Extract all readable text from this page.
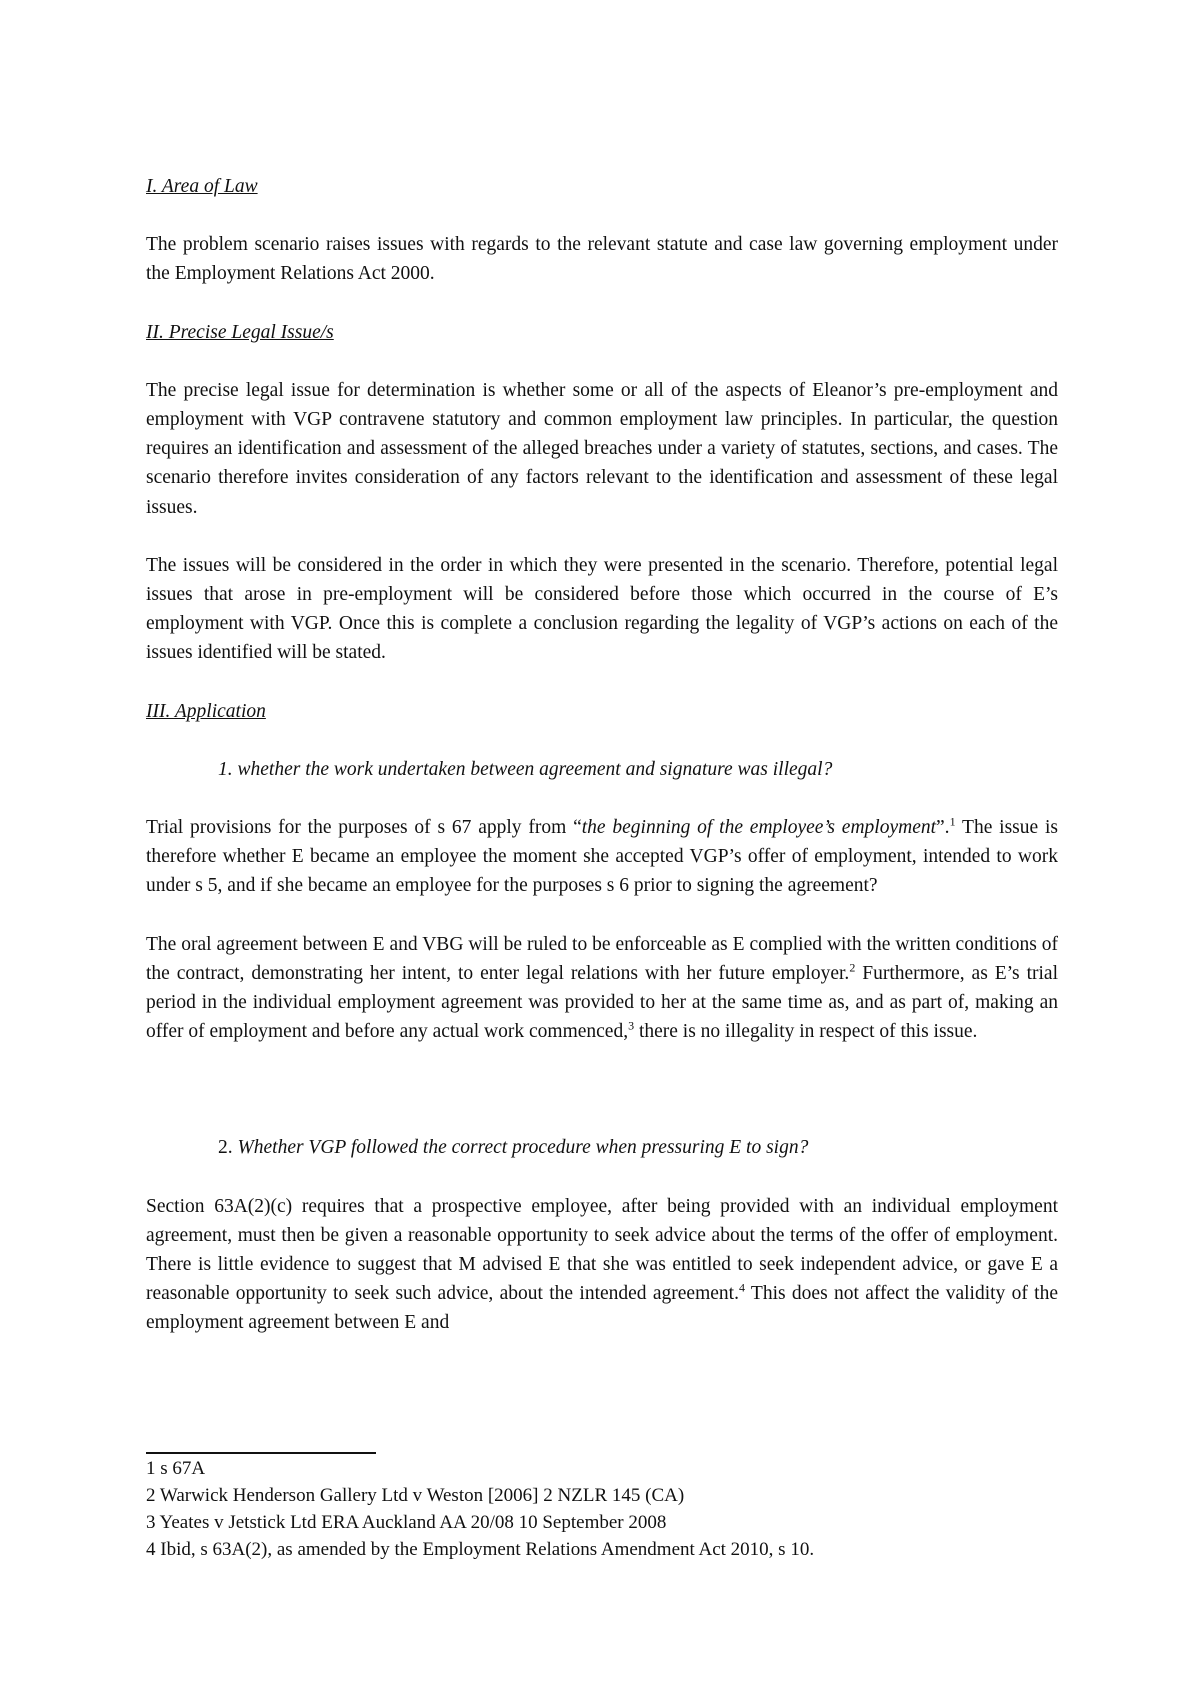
I. Area of Law

The problem scenario raises issues with regards to the relevant statute and case law governing employment under the Employment Relations Act 2000.

II. Precise Legal Issue/s

The precise legal issue for determination is whether some or all of the aspects of Eleanor’s pre-employment and employment with VGP contravene statutory and common employment law principles. In particular, the question requires an identification and assessment of the alleged breaches under a variety of statutes, sections, and cases. The scenario therefore invites consideration of any factors relevant to the identification and assessment of these legal issues.

The issues will be considered in the order in which they were presented in the scenario. Therefore, potential legal issues that arose in pre-employment will be considered before those which occurred in the course of E’s employment with VGP. Once this is complete a conclusion regarding the legality of VGP’s actions on each of the issues identified will be stated.

III. Application
1. whether the work undertaken between agreement and signature was illegal?

Trial provisions for the purposes of s 67 apply from “the beginning of the employee’s employment”.$^1$ The issue is therefore whether E became an employee the moment she accepted VGP’s offer of employment, intended to work under s 5, and if she became an employee for the purposes s 6 prior to signing the agreement?

The oral agreement between E and VBG will be ruled to be enforceable as E complied with the written conditions of the contract, demonstrating her intent, to enter legal relations with her future employer.$^2$ Furthermore, as E’s trial period in the individual employment agreement was provided to her at the same time as, and as part of, making an offer of employment and before any actual work commenced,$^3$ there is no illegality in respect of this issue.

2. Whether VGP followed the correct procedure when pressuring E to sign?

Section 63A(2)(c) requires that a prospective employee, after being provided with an individual employment agreement, must then be given a reasonable opportunity to seek advice about the terms of the offer of employment. There is little evidence to suggest that M advised E that she was entitled to seek independent advice, or gave E a reasonable opportunity to seek such advice, about the intended agreement.$^4$ This does not affect the validity of the employment agreement between E and

1 s 67A

2 Warwick Henderson Gallery Ltd v Weston [2006] 2 NZLR 145 (CA)

3 Yeates v Jetstick Ltd ERA Auckland AA 20/08 10 September 2008

4 Ibid, s 63A(2), as amended by the Employment Relations Amendment Act 2010, s 10.
